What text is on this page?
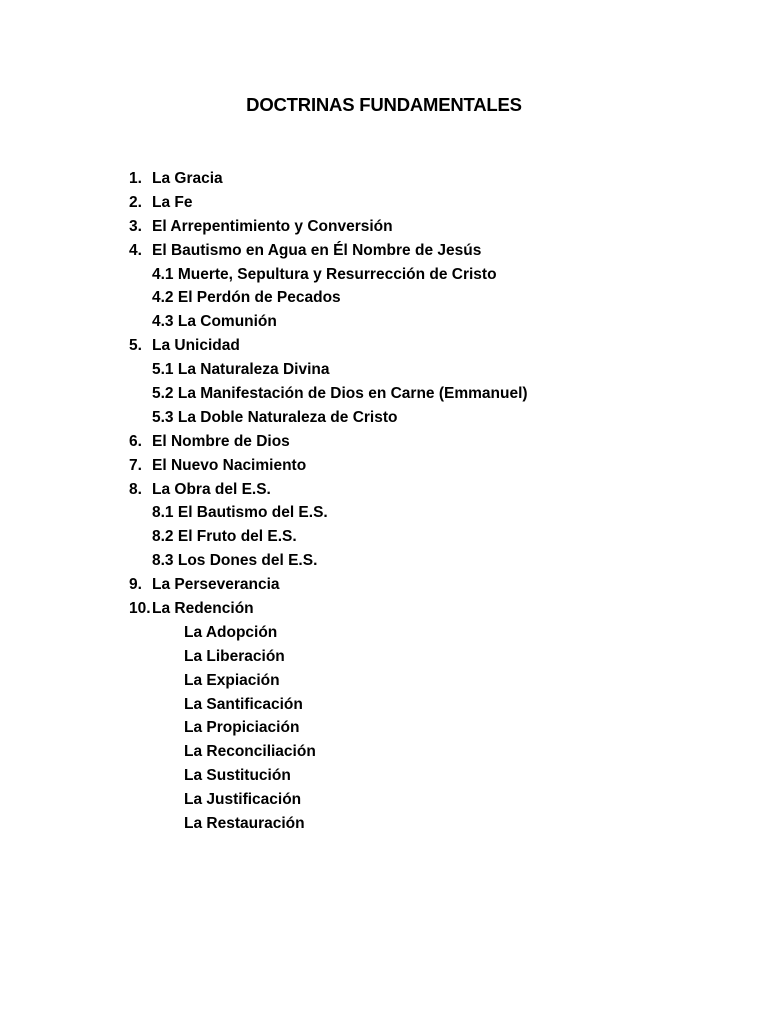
DOCTRINAS FUNDAMENTALES
1. La Gracia
2. La Fe
3. El Arrepentimiento y Conversión
4. El Bautismo en Agua en Él Nombre de Jesús
4.1 Muerte, Sepultura y Resurrección de Cristo
4.2 El Perdón de Pecados
4.3 La Comunión
5. La Unicidad
5.1 La Naturaleza Divina
5.2 La Manifestación de Dios en Carne (Emmanuel)
5.3 La Doble Naturaleza de Cristo
6. El Nombre de Dios
7. El Nuevo Nacimiento
8. La Obra del E.S.
8.1 El Bautismo del E.S.
8.2 El Fruto del E.S.
8.3 Los Dones del E.S.
9. La Perseverancia
10. La Redención
La Adopción
La Liberación
La Expiación
La Santificación
La Propiciación
La Reconciliación
La Sustitución
La Justificación
La Restauración
